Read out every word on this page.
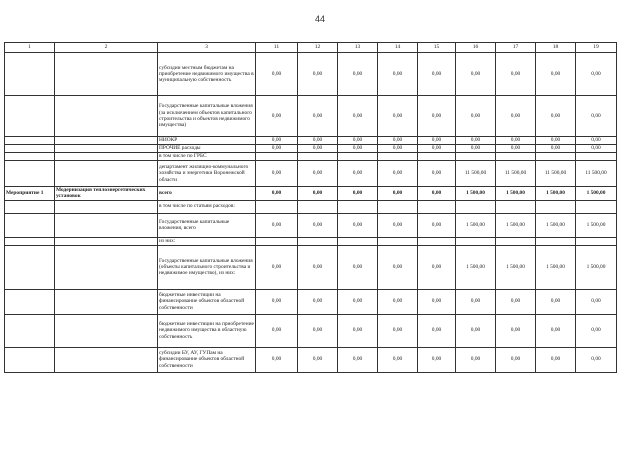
44
1	2	3	11	12	13	14	15	16	17	18	19
		субсидии местным бюджетам на приобретение недвижимого имущества в муниципальную собственность	0,00	0,00	0,00	0,00	0,00	0,00	0,00	0,00	0,00
		Государственные капитальные вложения (за исключением объектов капитального строительства и объектов недвижимого имущества)	0,00	0,00	0,00	0,00	0,00	0,00	0,00	0,00	0,00
		НИОКР	0,00	0,00	0,00	0,00	0,00	0,00	0,00	0,00	0,00
		ПРОЧИЕ расходы	0,00	0,00	0,00	0,00	0,00	0,00	0,00	0,00	0,00
		в том числе по ГРБС									
		департамент жилищно-коммунального хозяйства и энергетики Воронежской области	0,00	0,00	0,00	0,00	0,00	11 500,00	11 500,00	11 500,00	11 500,00
Мероприятие 1	Модернизация теплоэнергетических установок	всего	0,00	0,00	0,00	0,00	0,00	1 500,00	1 500,00	1 500,00	1 500,00
		в том числе по статьям расходов:									
		Государственные капитальные вложения, всего	0,00	0,00	0,00	0,00	0,00	1 500,00	1 500,00	1 500,00	1 500,00
		из них:									
		Государственные капитальные вложения (объекты капитального строительства и недвижимое имущество), из них:	0,00	0,00	0,00	0,00	0,00	1 500,00	1 500,00	1 500,00	1 500,00
		бюджетные инвестиции на финансирование объектов областной собственности	0,00	0,00	0,00	0,00	0,00	0,00	0,00	0,00	0,00
		бюджетные инвестиции на приобретение недвижимого имущества в областную собственность	0,00	0,00	0,00	0,00	0,00	0,00	0,00	0,00	0,00
		субсидии БУ, АУ, ГУПам на финансирование объектов областной собственности	0,00	0,00	0,00	0,00	0,00	0,00	0,00	0,00	0,00
